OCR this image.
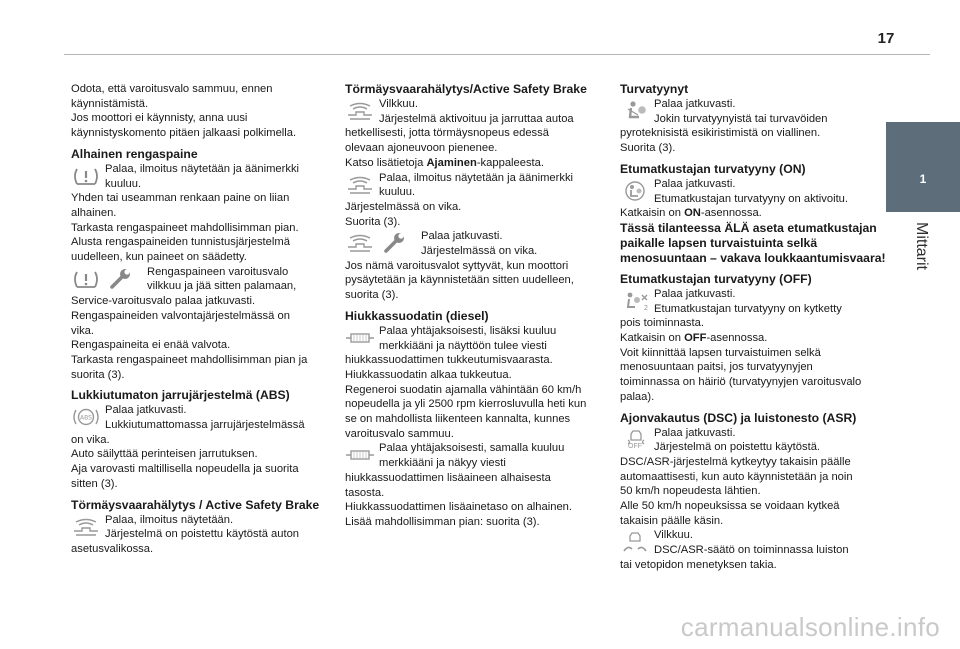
17
1
Mittarit

Odota, että varoitusvalo sammuu, ennen

käynnistämistä.

Jos moottori ei käynnisty, anna uusi

käynnistyskomento pitäen jalkaasi polkimella.

Alhainen rengaspaine

Palaa, ilmoitus näytetään ja äänimerkki

kuuluu.

Yhden tai useamman renkaan paine on liian

alhainen.

Tarkasta rengaspaineet mahdollisimman pian.

Alusta rengaspaineiden tunnistusjärjestelmä

uudelleen, kun paineet on säädetty.

Rengaspaineen varoitusvalo

vilkkuu ja jää sitten palamaan,

Service-varoitusvalo palaa jatkuvasti.

Rengaspaineiden valvontajärjestelmässä on

vika.

Rengaspaineita ei enää valvota.

Tarkasta rengaspaineet mahdollisimman pian ja

suorita (3).

Lukkiutumaton jarrujärjestelmä (ABS)

Palaa jatkuvasti.

Lukkiutumattomassa jarrujärjestelmässä

on vika.

Auto säilyttää perinteisen jarrutuksen.

Aja varovasti maltillisella nopeudella ja suorita

sitten (3).

Törmäysvaarahälytys / Active Safety Brake

Palaa, ilmoitus näytetään.

Järjestelmä on poistettu käytöstä auton

asetusvalikossa.

Törmäysvaarahälytys/Active Safety Brake

Vilkkuu.

Järjestelmä aktivoituu ja jarruttaa autoa

hetkellisesti, jotta törmäysnopeus edessä

olevaan ajoneuvoon pienenee.

Katso lisätietoja Ajaminen-kappaleesta.

Palaa, ilmoitus näytetään ja äänimerkki

kuuluu.

Järjestelmässä on vika.

Suorita (3).

Palaa jatkuvasti.

Järjestelmässä on vika.

Jos nämä varoitusvalot syttyvät, kun moottori

pysäytetään ja käynnistetään sitten uudelleen,

suorita (3).

Hiukkassuodatin (diesel)

Palaa yhtäjaksoisesti, lisäksi kuuluu

merkkiääni ja näyttöön tulee viesti

hiukkassuodattimen tukkeutumisvaarasta.

Hiukkassuodatin alkaa tukkeutua.

Regeneroi suodatin ajamalla vähintään 60 km/h

nopeudella ja yli 2500 rpm kierrosluvulla heti kun

se on mahdollista liikenteen kannalta, kunnes

varoitusvalo sammuu.

Palaa yhtäjaksoisesti, samalla kuuluu

merkkiääni ja näkyy viesti

hiukkassuodattimen lisäaineen alhaisesta

tasosta.

Hiukkassuodattimen lisäainetaso on alhainen.

Lisää mahdollisimman pian: suorita (3).

Turvatyynyt

Palaa jatkuvasti.

Jokin turvatyynyistä tai turvavöiden

pyroteknisistä esikiristimistä on viallinen.

Suorita (3).

Etumatkustajan turvatyyny (ON)

Palaa jatkuvasti.

Etumatkustajan turvatyyny on aktivoitu.

Katkaisin on ON-asennossa.

Tässä tilanteessa ÄLÄ aseta etumatkustajan

paikalle lapsen turvaistuinta selkä

menosuuntaan – vakava loukkaantumisvaara!

Etumatkustajan turvatyyny (OFF)

Palaa jatkuvasti.

Etumatkustajan turvatyyny on kytketty

pois toiminnasta.

Katkaisin on OFF-asennossa.

Voit kiinnittää lapsen turvaistuimen selkä

menosuuntaan paitsi, jos turvatyynyjen

toiminnassa on häiriö (turvatyynyjen varoitusvalo

palaa).

Ajonvakautus (DSC) ja luistonesto (ASR)

OFF

Palaa jatkuvasti.

Järjestelmä on poistettu käytöstä.

DSC/ASR-järjestelmä kytkeytyy takaisin päälle

automaattisesti, kun auto käynnistetään ja noin

50 km/h nopeudesta lähtien.

Alle 50 km/h nopeuksissa se voidaan kytkeä

takaisin päälle käsin.

Vilkkuu.

DSC/ASR-säätö on toiminnassa luiston

tai vetopidon menetyksen takia.

carmanualsonline.info
